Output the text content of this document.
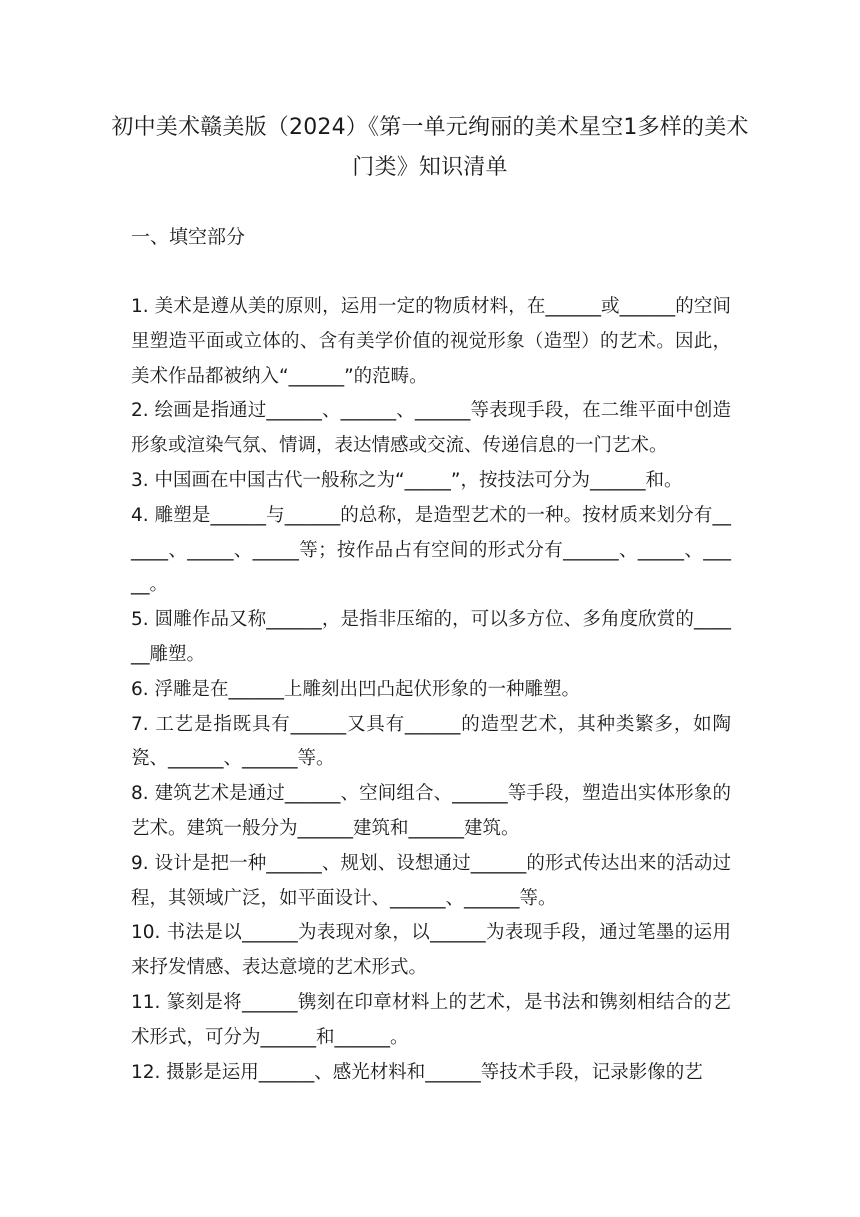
初中美术赣美版（2024）《第一单元绚丽的美术星空1多样的美术门类》知识清单
一、填空部分

1. 美术是遵从美的原则，运用一定的物质材料，在______或______的空间里塑造平面或立体的、含有美学价值的视觉形象（造型）的艺术。因此，美术作品都被纳入“______”的范畴。

2. 绘画是指通过______、______、______等表现手段，在二维平面中创造形象或渲染气氛、情调，表达情感或交流、传递信息的一门艺术。

3. 中国画在中国古代一般称之为“_____”，按技法可分为______和。

4. 雕塑是______与______的总称，是造型艺术的一种。按材质来划分有______、_____、_____等；按作品占有空间的形式分有______、_____、_____。

5. 圆雕作品又称______，是指非压缩的，可以多方位、多角度欣赏的______雕塑。

6. 浮雕是在______上雕刻出凹凸起伏形象的一种雕塑。

7. 工艺是指既具有______又具有______的造型艺术，其种类繁多，如陶瓷、______、______等。

8. 建筑艺术是通过______、空间组合、______等手段，塑造出实体形象的艺术。建筑一般分为______建筑和______建筑。

9. 设计是把一种______、规划、设想通过______的形式传达出来的活动过程，其领域广泛，如平面设计、______、______等。

10. 书法是以______为表现对象，以______为表现手段，通过笔墨的运用来抒发情感、表达意境的艺术形式。

11. 篆刻是将______镌刻在印章材料上的艺术，是书法和镌刻相结合的艺术形式，可分为______和______。

12. 摄影是运用______、感光材料和______等技术手段，记录影像的艺
